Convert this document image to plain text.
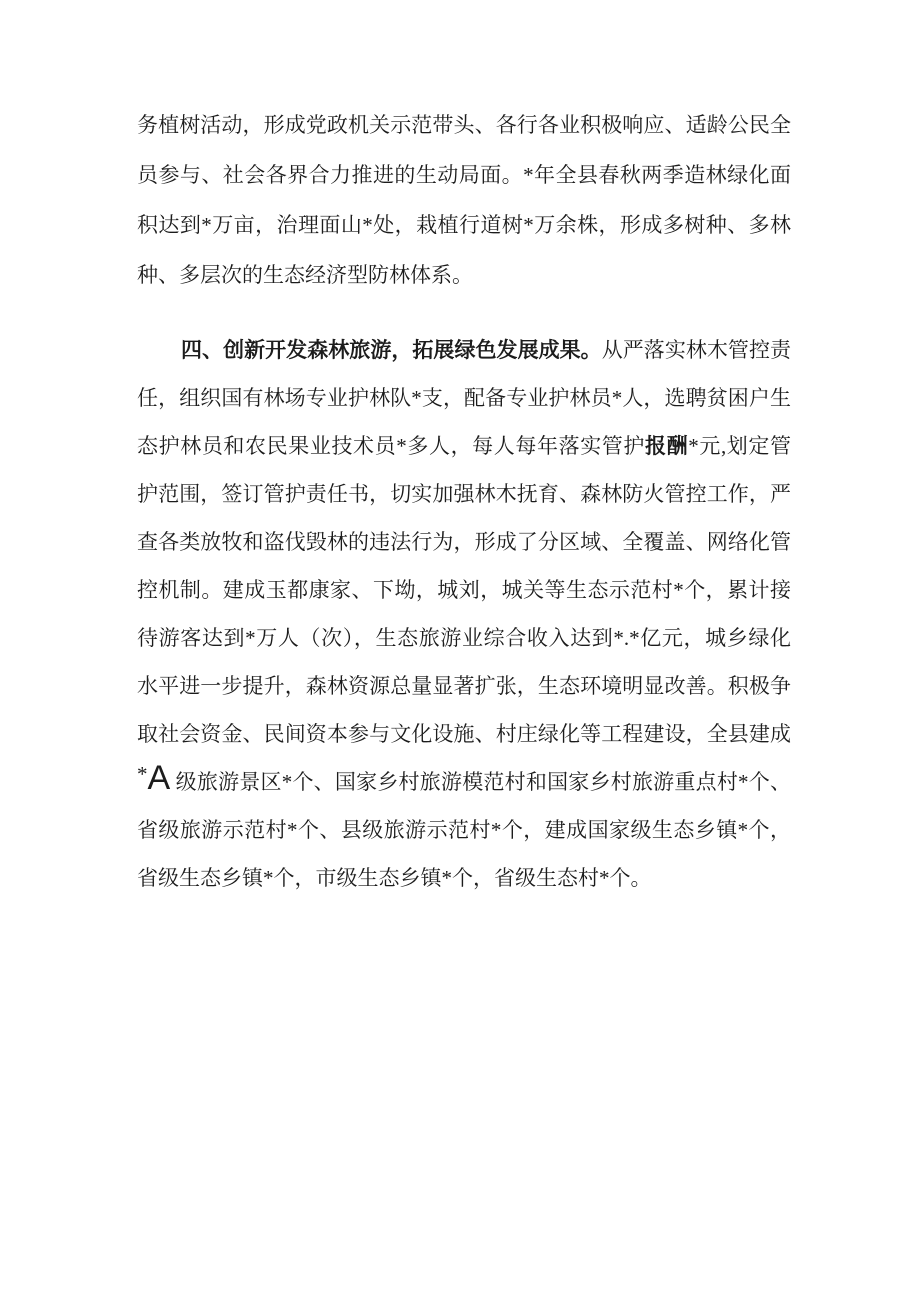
务植树活动，形成党政机关示范带头、各行各业积极响应、适龄公民全员参与、社会各界合力推进的生动局面。*年全县春秋两季造林绿化面积达到*万亩，治理面山*处，栽植行道树*万余株，形成多树种、多林种、多层次的生态经济型防林体系。

四、创新开发森林旅游，拓展绿色发展成果。从严落实林木管控责任，组织国有林场专业护林队*支，配备专业护林员*人，选聘贫困户生态护林员和农民果业技术员*多人，每人每年落实管护报酬*元,划定管护范围，签订管护责任书，切实加强林木抚育、森林防火管控工作，严查各类放牧和盗伐毁林的违法行为，形成了分区域、全覆盖、网络化管控机制。建成玉都康家、下坳，城刘，城关等生态示范村*个，累计接待游客达到*万人（次），生态旅游业综合收入达到*.*亿元，城乡绿化水平进一步提升，森林资源总量显著扩张，生态环境明显改善。积极争取社会资金、民间资本参与文化设施、村庄绿化等工程建设，全县建成*A 级旅游景区*个、国家乡村旅游模范村和国家乡村旅游重点村*个、省级旅游示范村*个、县级旅游示范村*个，建成国家级生态乡镇*个，省级生态乡镇*个，市级生态乡镇*个，省级生态村*个。
